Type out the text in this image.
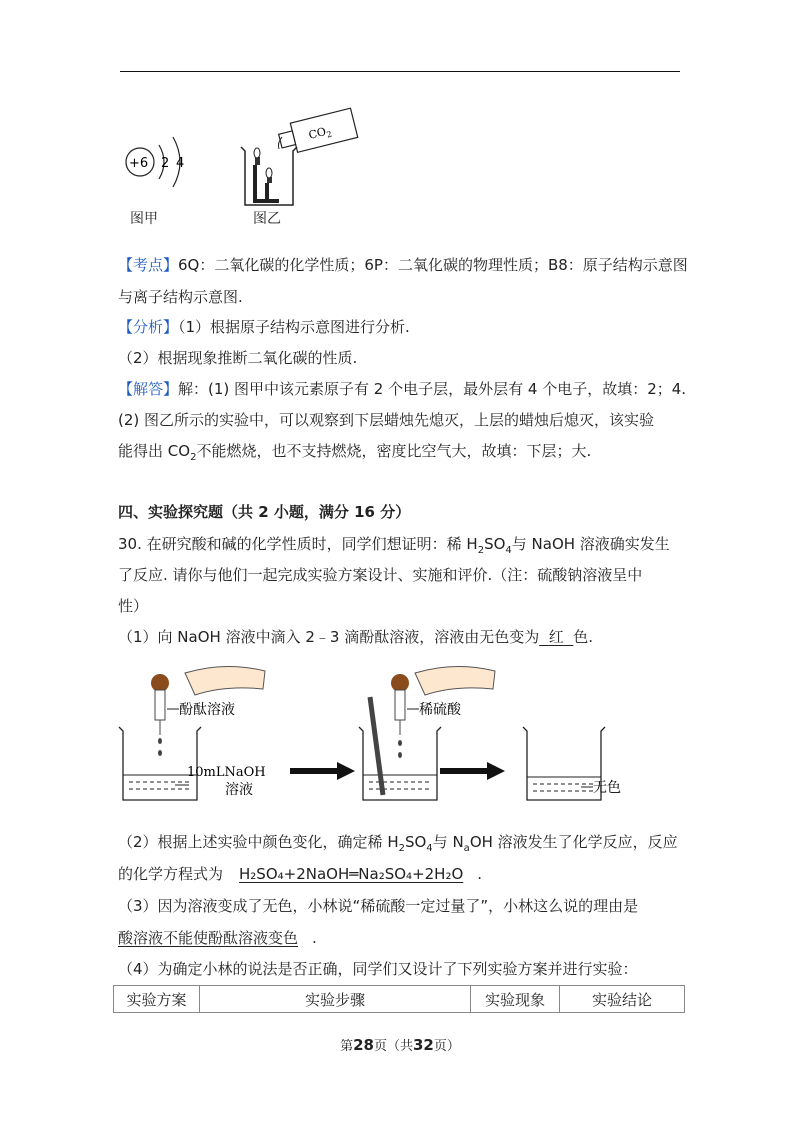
+6 2 4
图甲
$CO_2$
图乙
【考点】6Q：二氧化碳的化学性质；6P：二氧化碳的物理性质；B8：原子结构示意图
与离子结构示意图.
【分析】（1）根据原子结构示意图进行分析.
（2）根据现象推断二氧化碳的性质.
【解答】解：(1) 图甲中该元素原子有 2 个电子层，最外层有 4 个电子，故填：2；4.
(2) 图乙所示的实验中，可以观察到下层蜡烛先熄灭，上层的蜡烛后熄灭，该实验
能得出 $CO_2$不能燃烧，也不支持燃烧，密度比空气大，故填：下层；大.
四、实验探究题（共 2 小题，满分 16 分）
30. 在研究酸和碱的化学性质时，同学们想证明：稀 $H_2SO_4$与 NaOH 溶液确实发生
了反应. 请你与他们一起完成实验方案设计、实施和评价.（注：硫酸钠溶液呈中
性）
（1）向 NaOH 溶液中滴入 2﹣3 滴酚酞溶液，溶液由无色变为  红  色.
酚酞溶液
10mLNaOH
溶液
稀硫酸
无色
（2）根据上述实验中颜色变化，确定稀 $H_2SO_4$与 $N_aOH$ 溶液发生了化学反应，反应
的化学方程式为 H₂SO₄+2NaOH═Na₂SO₄+2H₂O .
（3）因为溶液变成了无色，小林说“稀硫酸一定过量了”，小林这么说的理由是
酸溶液不能使酚酞溶液变色 .
（4）为确定小林的说法是否正确，同学们又设计了下列实验方案并进行实验：
实验方案	实验步骤	实验现象	实验结论
第28页（共32页）
